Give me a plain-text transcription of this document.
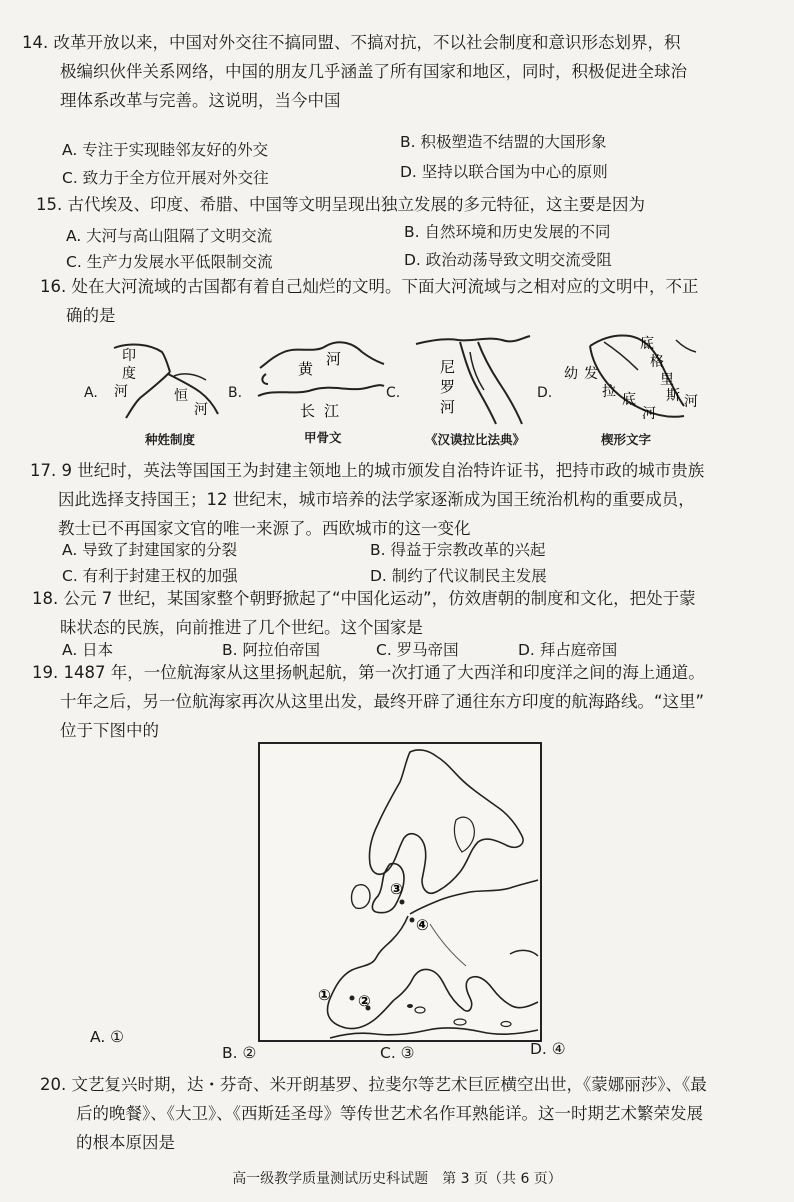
14. 改革开放以来，中国对外交往不搞同盟、不搞对抗，不以社会制度和意识形态划界，积
极编织伙伴关系网络，中国的朋友几乎涵盖了所有国家和地区，同时，积极促进全球治
理体系改革与完善。这说明，当今中国
A. 专注于实现睦邻友好的外交	B. 积极塑造不结盟的大国形象
C. 致力于全方位开展对外交往	D. 坚持以联合国为中心的原则
15. 古代埃及、印度、希腊、中国等文明呈现出独立发展的多元特征，这主要是因为
A. 大河与高山阻隔了文明交流	B. 自然环境和历史发展的不同
C. 生产力发展水平低限制交流	D. 政治动荡导致文明交流受阻
16. 处在大河流域的古国都有着自己灿烂的文明。下面大河流域与之相对应的文明中，不正
确的是
A.
印
度
河	恒
河
种姓制度
B.
黄
河
长 江
甲骨文
C.
尼
罗
河
《汉谟拉比法典》
D.
幼 发
拉 底
河
底
格
里
斯 河
楔形文字
17. 9 世纪时，英法等国国王为封建主领地上的城市颁发自治特许证书，把持市政的城市贵族
因此选择支持国王；12 世纪末，城市培养的法学家逐渐成为国王统治机构的重要成员，
教士已不再国家文官的唯一来源了。西欧城市的这一变化
A. 导致了封建国家的分裂	B. 得益于宗教改革的兴起
C. 有利于封建王权的加强	D. 制约了代议制民主发展
18. 公元 7 世纪，某国家整个朝野掀起了“中国化运动”，仿效唐朝的制度和文化，把处于蒙
昧状态的民族，向前推进了几个世纪。这个国家是
A. 日本	B. 阿拉伯帝国	C. 罗马帝国	D. 拜占庭帝国
19. 1487 年，一位航海家从这里扬帆起航，第一次打通了大西洋和印度洋之间的海上通道。
十年之后，另一位航海家再次从这里出发，最终开辟了通往东方印度的航海路线。“这里”
位于下图中的
① ②
③
④
A. ①
B. ②	C. ③	D. ④
20. 文艺复兴时期，达・芬奇、米开朗基罗、拉斐尔等艺术巨匠横空出世，《蒙娜丽莎》、《最
后的晚餐》、《大卫》、《西斯廷圣母》等传世艺术名作耳熟能详。这一时期艺术繁荣发展
的根本原因是
高一级教学质量测试历史科试题　第 3 页（共 6 页）
